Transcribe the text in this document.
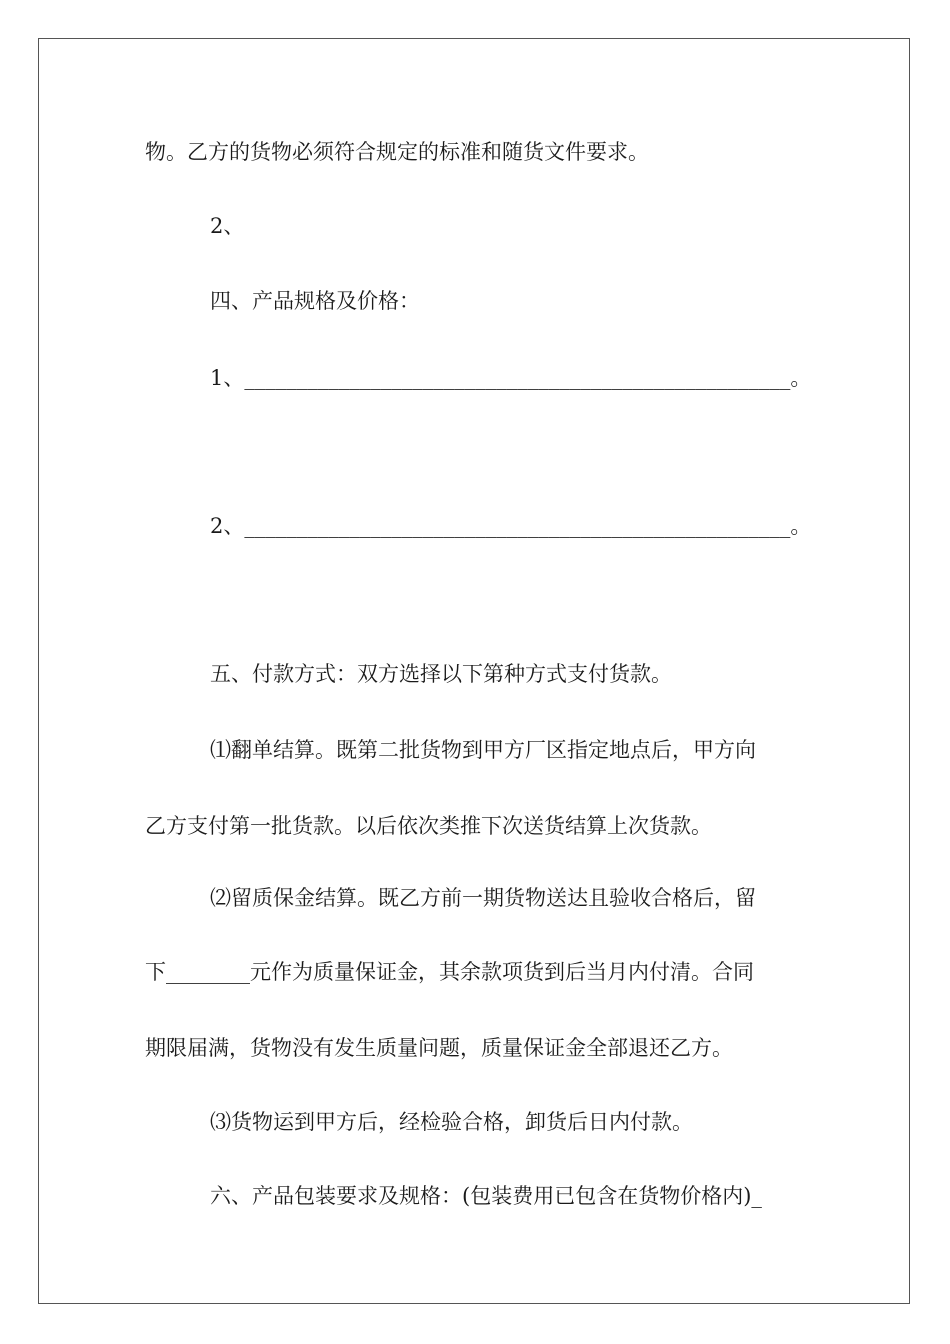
物。乙方的货物必须符合规定的标准和随货文件要求。
2、
四、产品规格及价格：
1、____________________________________________________。
2、____________________________________________________。
五、付款方式：双方选择以下第种方式支付货款。
⑴翻单结算。既第二批货物到甲方厂区指定地点后，甲方向
乙方支付第一批货款。以后依次类推下次送货结算上次货款。
⑵留质保金结算。既乙方前一期货物送达且验收合格后，留
下________元作为质量保证金，其余款项货到后当月内付清。合同
期限届满，货物没有发生质量问题，质量保证金全部退还乙方。
⑶货物运到甲方后，经检验合格，卸货后日内付款。
六、产品包装要求及规格：(包装费用已包含在货物价格内)_
